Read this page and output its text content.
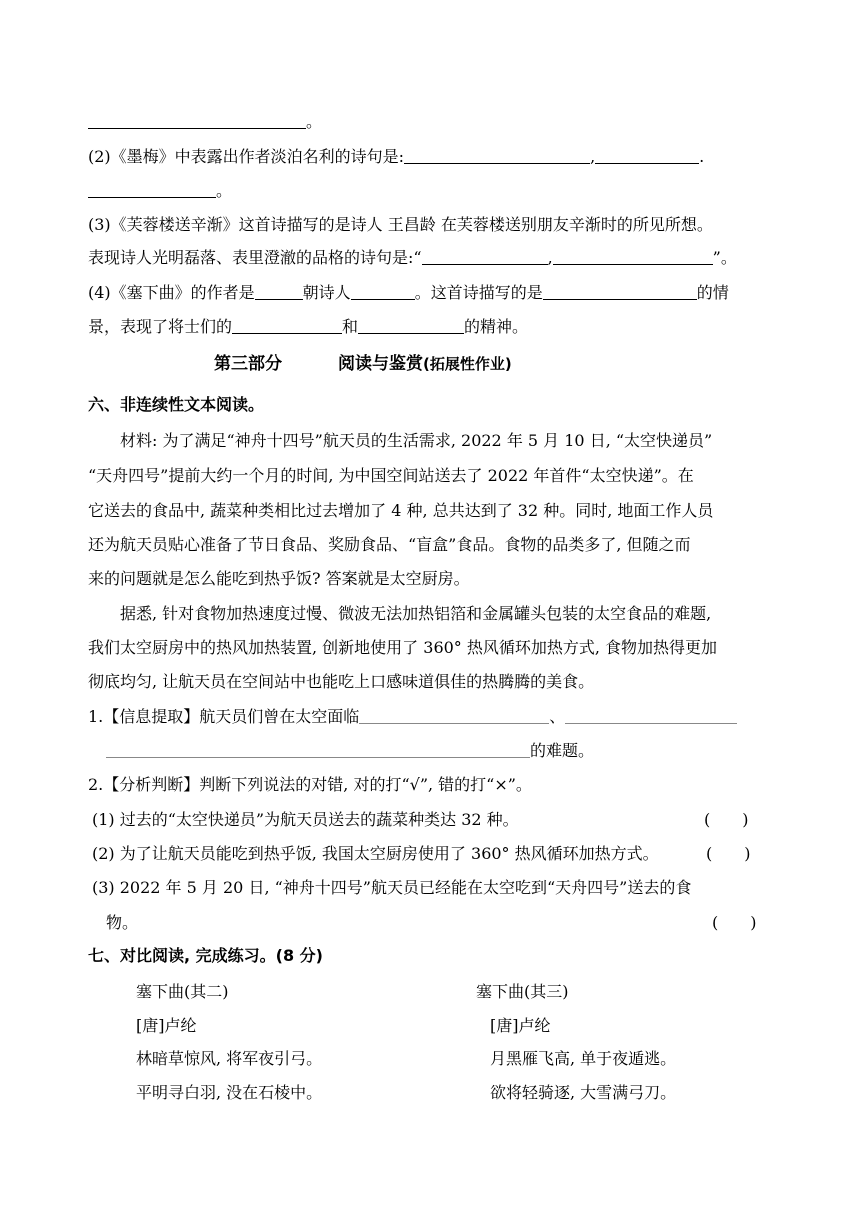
。
(2)《墨梅》中表露出作者淡泊名利的诗句是:	,	.
。
(3)《芙蓉楼送辛渐》这首诗描写的是诗人 王昌龄 在芙蓉楼送别朋友辛渐时的所见所想。
表现诗人光明磊落、表里澄澈的品格的诗句是:“	,	”。
(4)《塞下曲》的作者是	朝诗人	。这首诗描写的是	的情
景，表现了将士们的	和	的精神。
第三部分	阅读与鉴赏(拓展性作业)
六、非连续性文本阅读。
材料: 为了满足“神舟十四号”航天员的生活需求, 2022 年 5 月 10 日, “太空快递员”
“天舟四号”提前大约一个月的时间, 为中国空间站送去了 2022 年首件“太空快递”。在
它送去的食品中, 蔬菜种类相比过去增加了 4 种, 总共达到了 32 种。同时, 地面工作人员
还为航天员贴心准备了节日食品、奖励食品、“盲盒”食品。食物的品类多了, 但随之而
来的问题就是怎么能吃到热乎饭? 答案就是太空厨房。
据悉, 针对食物加热速度过慢、微波无法加热铝箔和金属罐头包装的太空食品的难题,
我们太空厨房中的热风加热装置, 创新地使用了 360° 热风循环加热方式, 食物加热得更加
彻底均匀, 让航天员在空间站中也能吃上口感味道俱佳的热腾腾的美食。
1.【信息提取】航天员们曾在太空面临	、
的难题。
2.【分析判断】判断下列说法的对错, 对的打“√”, 错的打“×”。
(1) 过去的“太空快递员”为航天员送去的蔬菜种类达 32 种。	(　　)
(2) 为了让航天员能吃到热乎饭, 我国太空厨房使用了 360° 热风循环加热方式。	(　　)
(3) 2022 年 5 月 20 日, “神舟十四号”航天员已经能在太空吃到“天舟四号”送去的食
物。	(　　)
七、对比阅读, 完成练习。(8 分)
塞下曲(其二)
[唐]卢纶
林暗草惊风, 将军夜引弓。
平明寻白羽, 没在石棱中。
塞下曲(其三)
[唐]卢纶
月黑雁飞高, 单于夜遁逃。
欲将轻骑逐, 大雪满弓刀。
